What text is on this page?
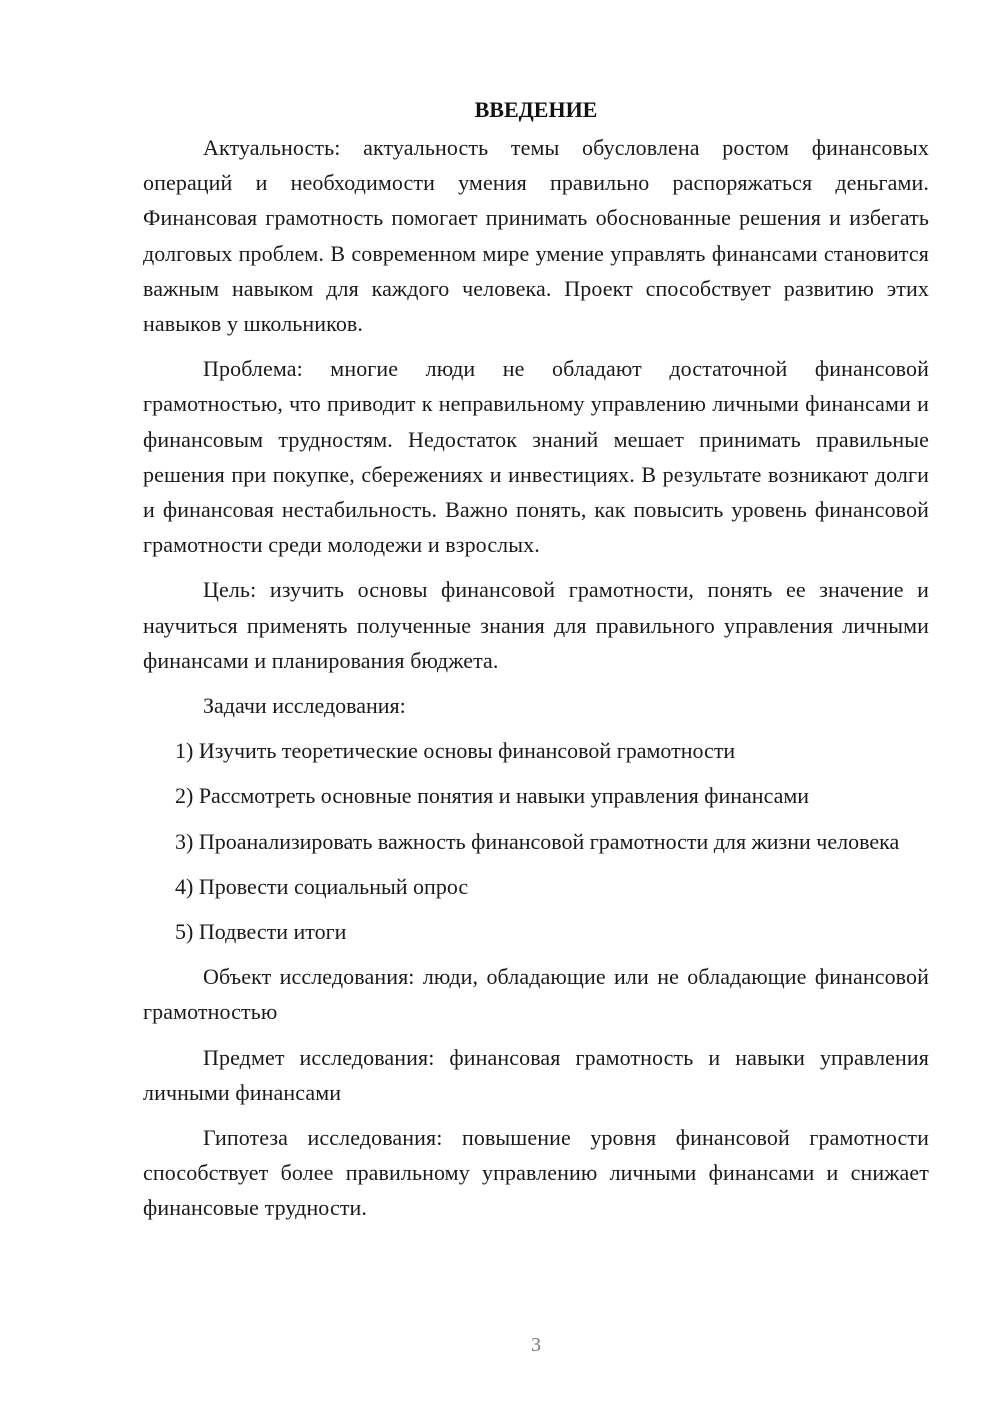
ВВЕДЕНИЕ

Актуальность: актуальность темы обусловлена ростом финансовых операций и необходимости умения правильно распоряжаться деньгами. Финансовая грамотность помогает принимать обоснованные решения и избегать долговых проблем. В современном мире умение управлять финансами становится важным навыком для каждого человека. Проект способствует развитию этих навыков у школьников.

Проблема: многие люди не обладают достаточной финансовой грамотностью, что приводит к неправильному управлению личными финансами и финансовым трудностям. Недостаток знаний мешает принимать правильные решения при покупке, сбережениях и инвестициях. В результате возникают долги и финансовая нестабильность. Важно понять, как повысить уровень финансовой грамотности среди молодежи и взрослых.

Цель: изучить основы финансовой грамотности, понять ее значение и научиться применять полученные знания для правильного управления личными финансами и планирования бюджета.

Задачи исследования:

1) Изучить теоретические основы финансовой грамотности

2) Рассмотреть основные понятия и навыки управления финансами

3) Проанализировать важность финансовой грамотности для жизни человека

4) Провести социальный опрос

5) Подвести итоги

Объект исследования: люди, обладающие или не обладающие финансовой грамотностью

Предмет исследования: финансовая грамотность и навыки управления личными финансами

Гипотеза исследования: повышение уровня финансовой грамотности способствует более правильному управлению личными финансами и снижает финансовые трудности.

3
